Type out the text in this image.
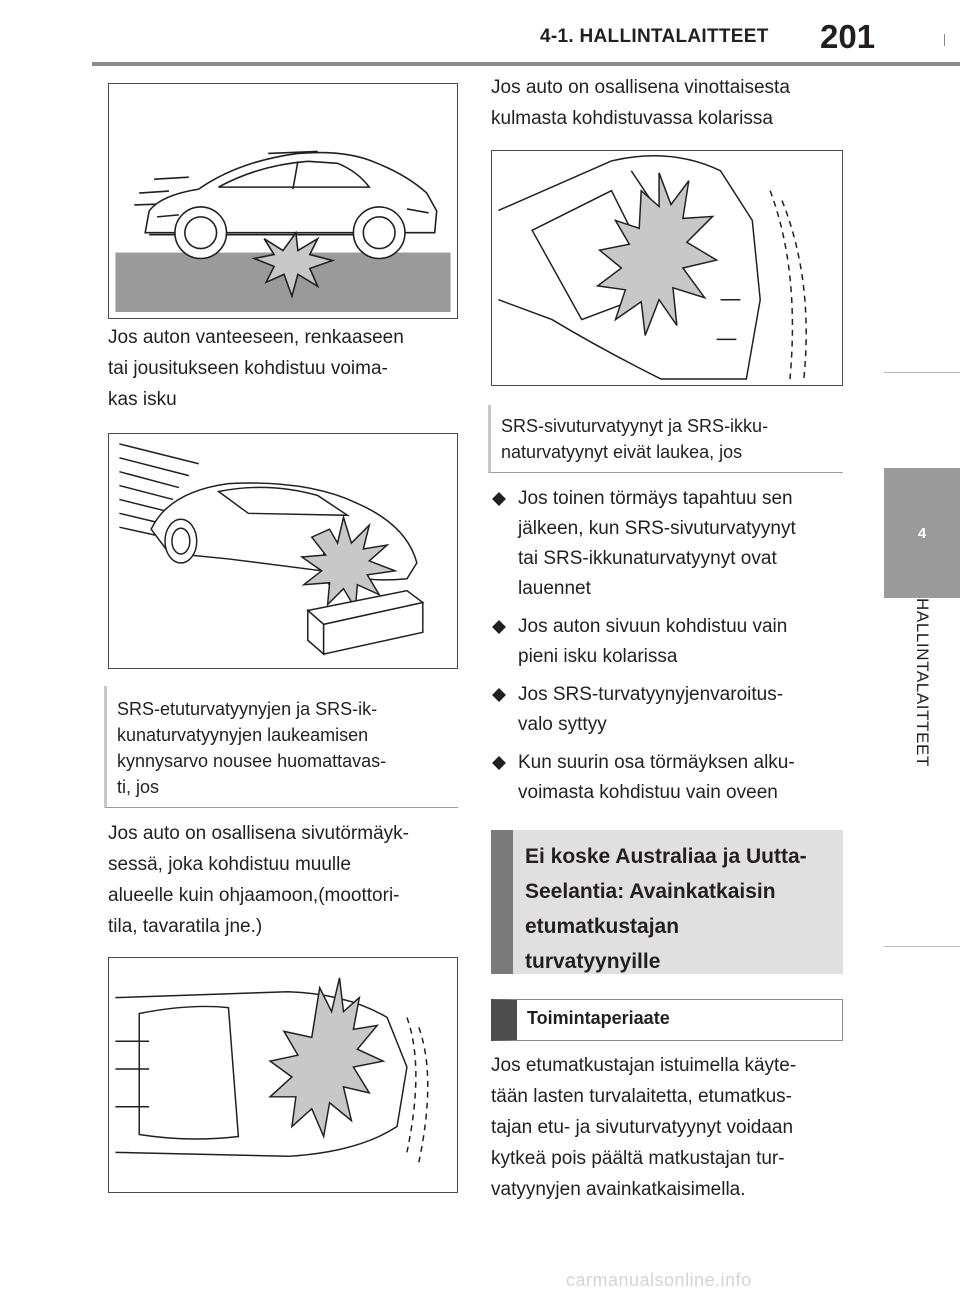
4-1. HALLINTALAITTEET 201
4
HALLINTALAITTEET
Jos auton vanteeseen, renkaaseen
tai jousitukseen kohdistuu voima-
kas isku
SRS-etuturvatyynyjen ja SRS-ik-
kunaturvatyynyjen laukeamisen
kynnysarvo nousee huomattavas-
ti, jos
Jos auto on osallisena sivutörmäyk-
sessä, joka kohdistuu muulle
alueelle kuin ohjaamoon,(moottori-
tila, tavaratila jne.)
Jos auto on osallisena vinottaisesta
kulmasta kohdistuvassa kolarissa
SRS-sivuturvatyynyt ja SRS-ikku-
naturvatyynyt eivät laukea, jos
Jos toinen törmäys tapahtuu sen
jälkeen, kun SRS-sivuturvatyynyt
tai SRS-ikkunaturvatyynyt ovat
lauennet
Jos auton sivuun kohdistuu vain
pieni isku kolarissa
Jos SRS-turvatyynyjenvaroitus-
valo syttyy
Kun suurin osa törmäyksen alku-
voimasta kohdistuu vain oveen
Ei koske Australiaa ja Uutta-
Seelantia: Avainkatkaisin
etumatkustajan
turvatyynyille
Toimintaperiaate
Jos etumatkustajan istuimella käyte-
tään lasten turvalaitetta, etumatkus-
tajan etu- ja sivuturvatyynyt voidaan
kytkeä pois päältä matkustajan tur-
vatyynyjen avainkatkaisimella.
carmanualsonline.info
